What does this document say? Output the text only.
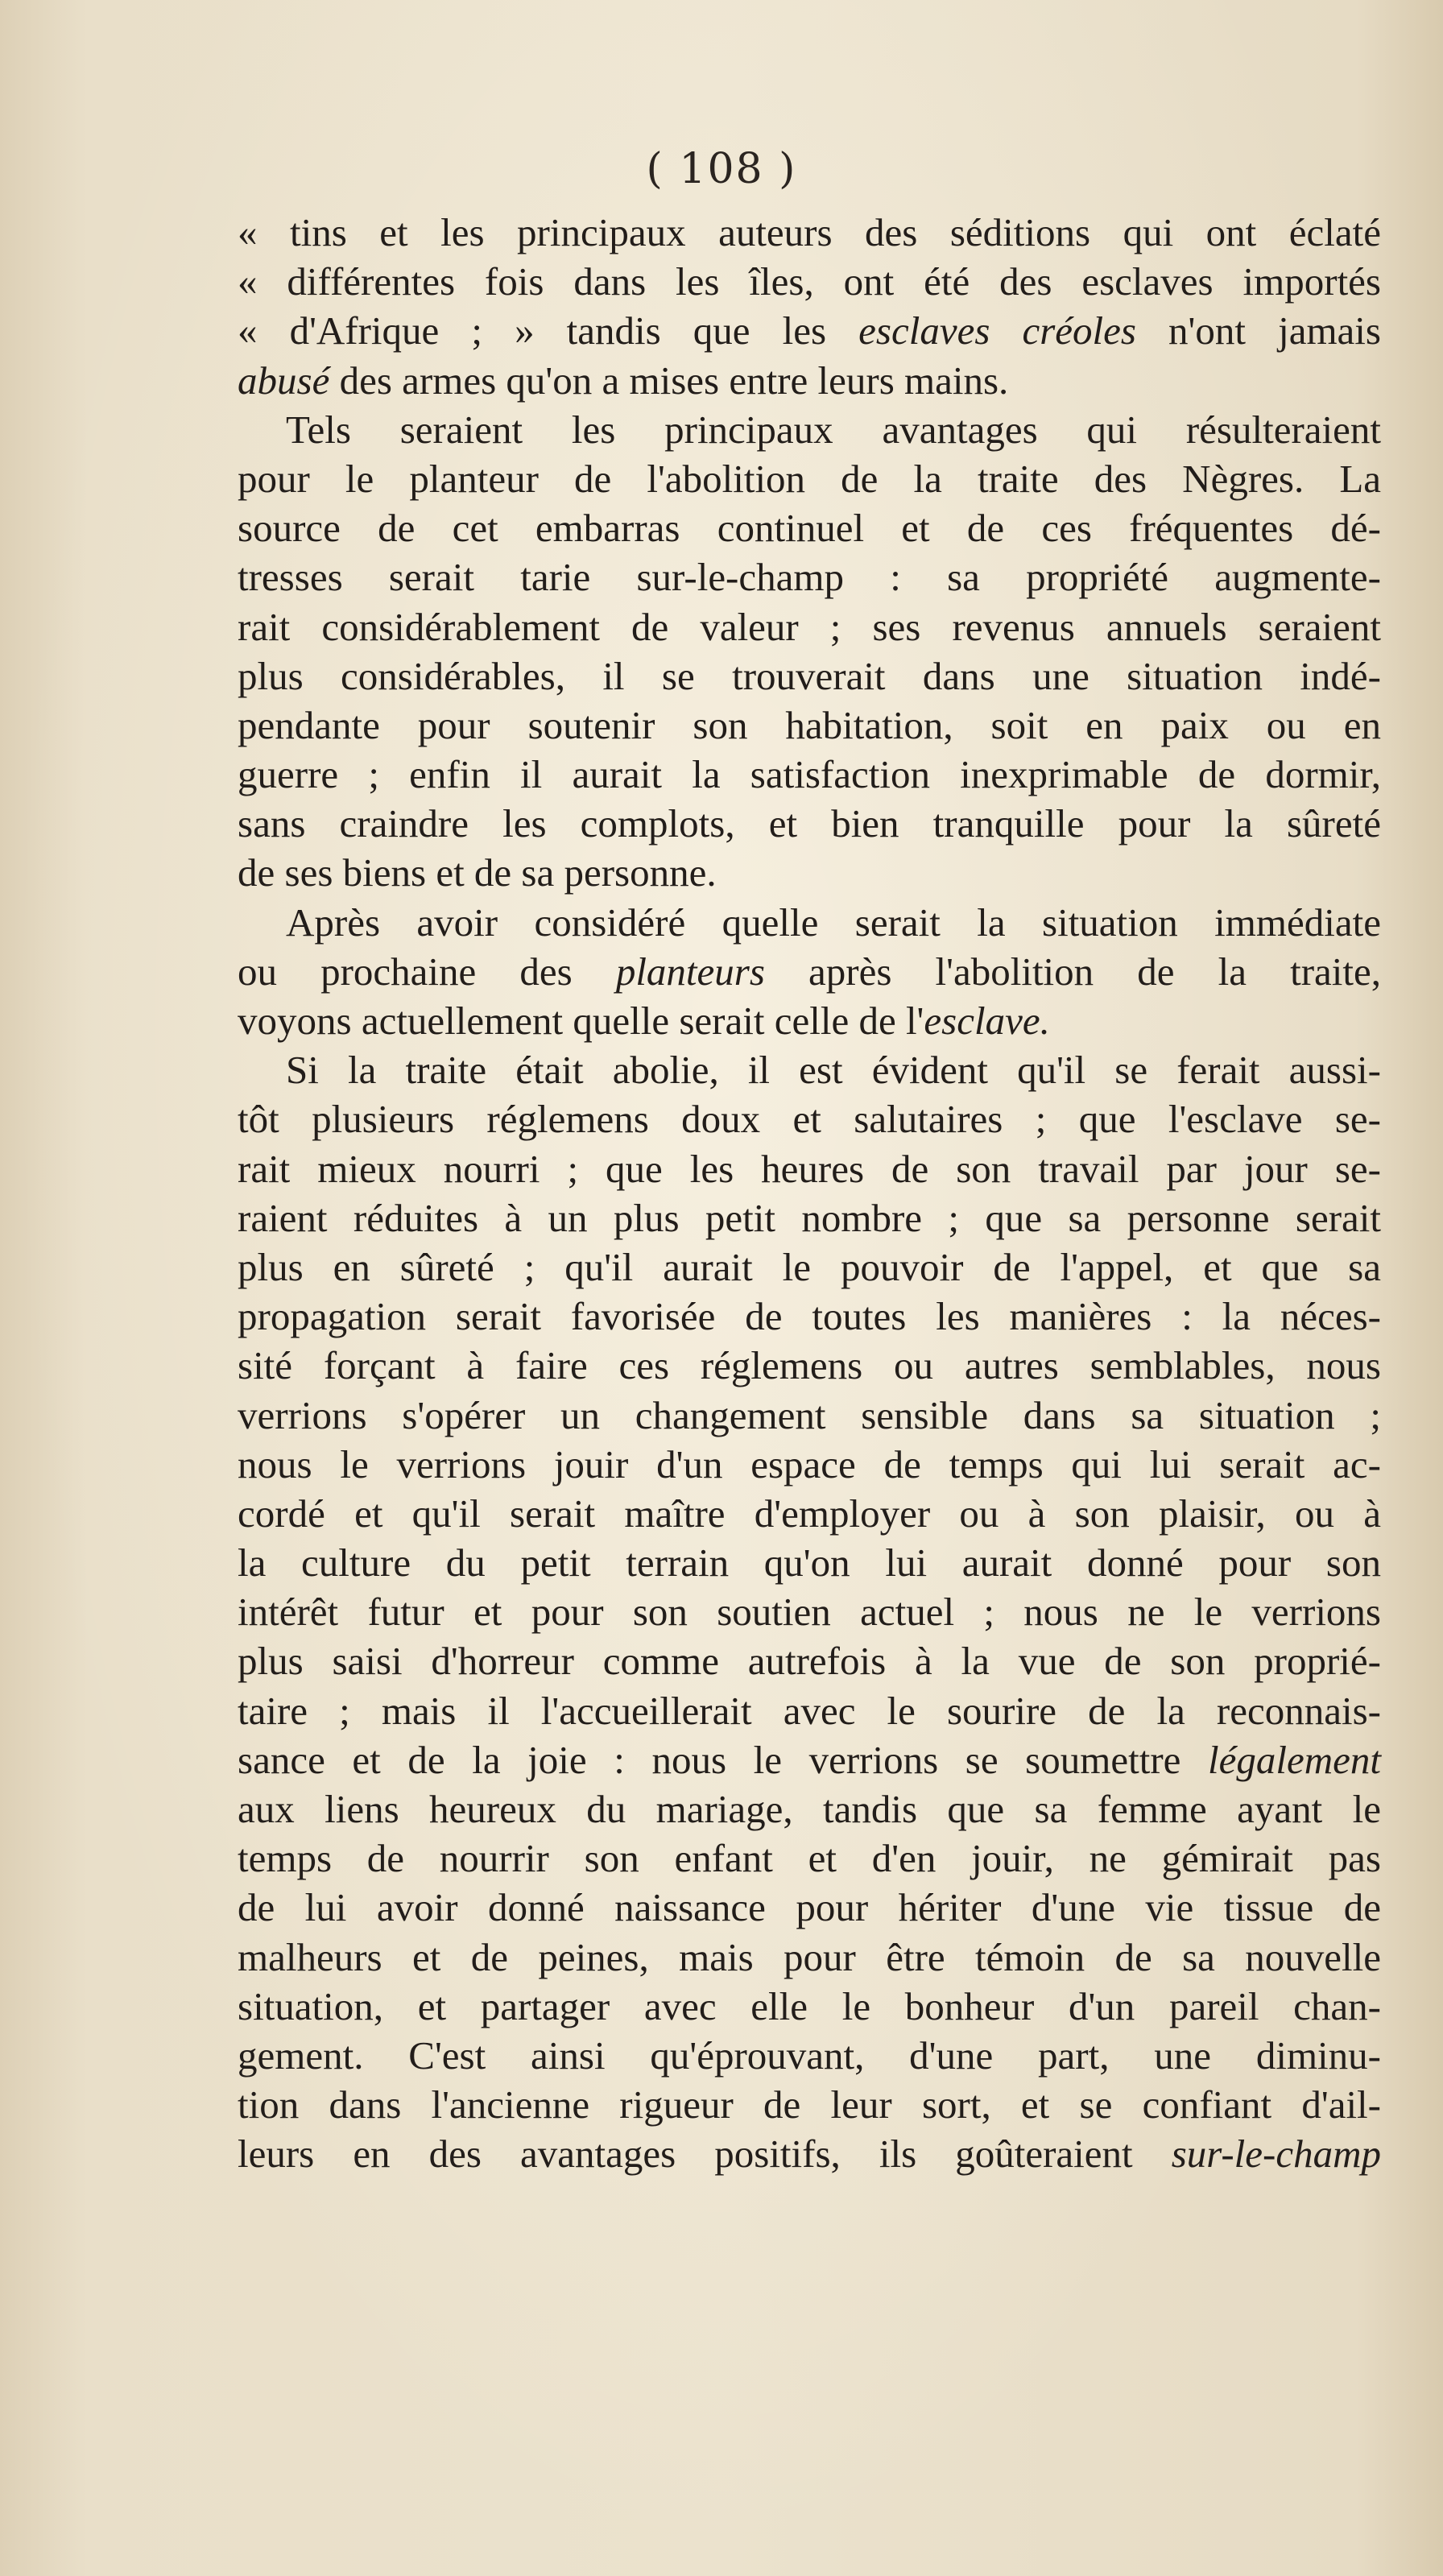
( 108 )
« tins et les principaux auteurs des séditions qui ont éclaté
« différentes fois dans les îles, ont été des esclaves importés
« d'Afrique ; » tandis que les esclaves créoles n'ont jamais
abusé des armes qu'on a mises entre leurs mains.
Tels seraient les principaux avantages qui résulteraient
pour le planteur de l'abolition de la traite des Nègres. La
source de cet embarras continuel et de ces fréquentes dé-
tresses serait tarie sur-le-champ : sa propriété augmente-
rait considérablement de valeur ; ses revenus annuels seraient
plus considérables, il se trouverait dans une situation indé-
pendante pour soutenir son habitation, soit en paix ou en
guerre ; enfin il aurait la satisfaction inexprimable de dormir,
sans craindre les complots, et bien tranquille pour la sûreté
de ses biens et de sa personne.
Après avoir considéré quelle serait la situation immédiate
ou prochaine des planteurs après l'abolition de la traite,
voyons actuellement quelle serait celle de l'esclave.
Si la traite était abolie, il est évident qu'il se ferait aussi-
tôt plusieurs réglemens doux et salutaires ; que l'esclave se-
rait mieux nourri ; que les heures de son travail par jour se-
raient réduites à un plus petit nombre ; que sa personne serait
plus en sûreté ; qu'il aurait le pouvoir de l'appel, et que sa
propagation serait favorisée de toutes les manières : la néces-
sité forçant à faire ces réglemens ou autres semblables, nous
verrions s'opérer un changement sensible dans sa situation ;
nous le verrions jouir d'un espace de temps qui lui serait ac-
cordé et qu'il serait maître d'employer ou à son plaisir, ou à
la culture du petit terrain qu'on lui aurait donné pour son
intérêt futur et pour son soutien actuel ; nous ne le verrions
plus saisi d'horreur comme autrefois à la vue de son proprié-
taire ; mais il l'accueillerait avec le sourire de la reconnais-
sance et de la joie : nous le verrions se soumettre légalement
aux liens heureux du mariage, tandis que sa femme ayant le
temps de nourrir son enfant et d'en jouir, ne gémirait pas
de lui avoir donné naissance pour hériter d'une vie tissue de
malheurs et de peines, mais pour être témoin de sa nouvelle
situation, et partager avec elle le bonheur d'un pareil chan-
gement. C'est ainsi qu'éprouvant, d'une part, une diminu-
tion dans l'ancienne rigueur de leur sort, et se confiant d'ail-
leurs en des avantages positifs, ils goûteraient sur-le-champ
